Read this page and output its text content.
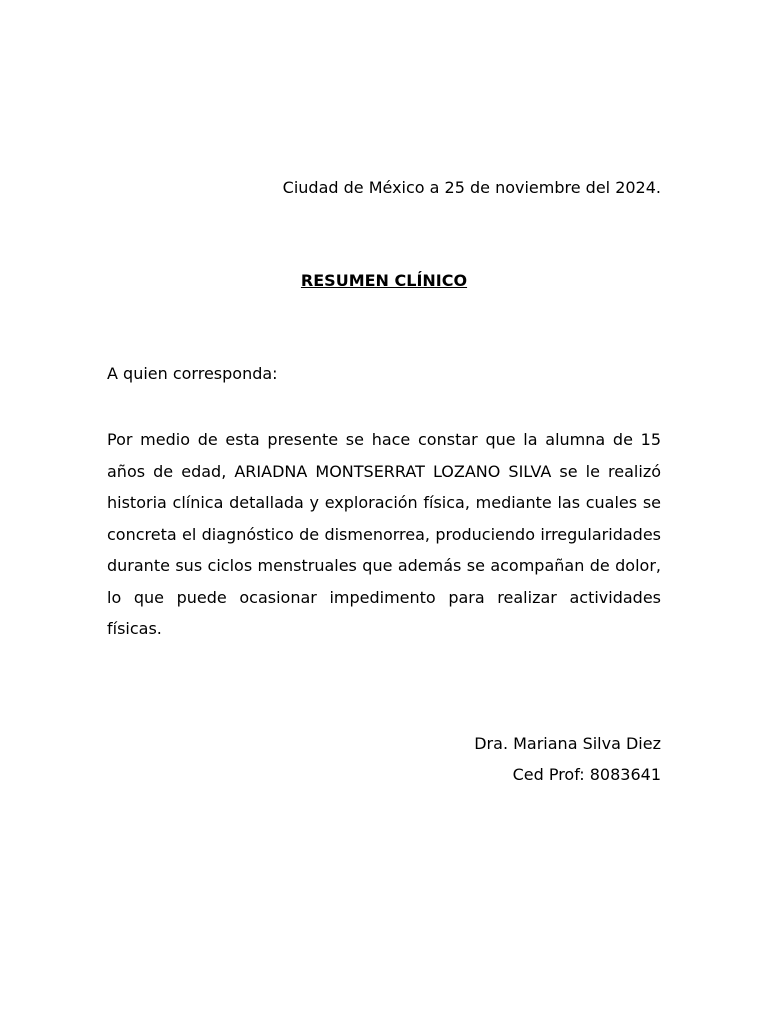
Ciudad de México a 25 de noviembre del 2024.
RESUMEN CLÍNICO
A quien corresponda:
Por medio de esta presente se hace constar que la alumna de 15 años de edad, ARIADNA MONTSERRAT LOZANO SILVA se le realizó historia clínica detallada y exploración física, mediante las cuales se concreta el diagnóstico de dismenorrea, produciendo irregularidades durante sus ciclos menstruales que además se acompañan de dolor, lo que puede ocasionar impedimento para realizar actividades físicas.
Dra. Mariana Silva Diez
Ced Prof: 8083641
